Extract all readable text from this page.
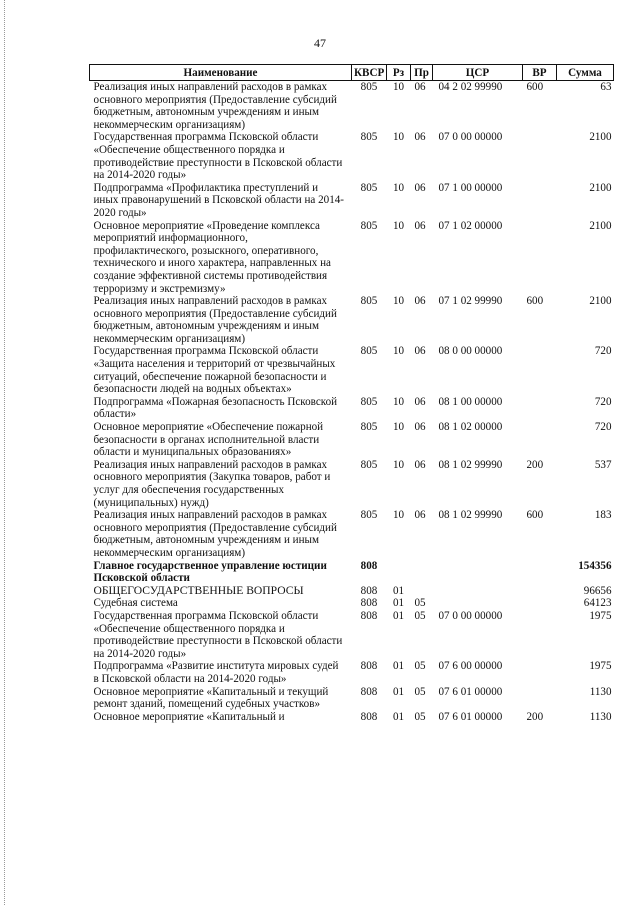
47
Наименование	КВСР	Рз	Пр	ЦСР	ВР	Сумма
Реализация иных направлений расходов в рамках основного мероприятия (Предоставление субсидий бюджетным, автономным учреждениям и иным некоммерческим организациям)	805	10	06	04 2 02 99990	600	63
Государственная программа Псковской области «Обеспечение общественного порядка и противодействие преступности в Псковской области на 2014-2020 годы»	805	10	06	07 0 00 00000		2100
Подпрограмма «Профилактика преступлений и иных правонарушений в Псковской области на 2014-2020 годы»	805	10	06	07 1 00 00000		2100
Основное мероприятие «Проведение комплекса мероприятий информационного, профилактического, розыскного, оперативного, технического и иного характера, направленных на создание эффективной системы противодействия терроризму и экстремизму»	805	10	06	07 1 02 00000		2100
Реализация иных направлений расходов в рамках основного мероприятия (Предоставление субсидий бюджетным, автономным учреждениям и иным некоммерческим организациям)	805	10	06	07 1 02 99990	600	2100
Государственная программа Псковской области «Защита населения и территорий от чрезвычайных ситуаций, обеспечение пожарной безопасности и безопасности людей на водных объектах»	805	10	06	08 0 00 00000		720
Подпрограмма «Пожарная безопасность Псковской области»	805	10	06	08 1 00 00000		720
Основное мероприятие «Обеспечение пожарной безопасности в органах исполнительной власти области и муниципальных образованиях»	805	10	06	08 1 02 00000		720
Реализация иных направлений расходов в рамках основного мероприятия (Закупка товаров, работ и услуг для обеспечения государственных (муниципальных) нужд)	805	10	06	08 1 02 99990	200	537
Реализация иных направлений расходов в рамках основного мероприятия (Предоставление субсидий бюджетным, автономным учреждениям и иным некоммерческим организациям)	805	10	06	08 1 02 99990	600	183
Главное государственное управление юстиции Псковской области	808					154356
ОБЩЕГОСУДАРСТВЕННЫЕ ВОПРОСЫ	808	01				96656
Судебная система	808	01	05			64123
Государственная программа Псковской области «Обеспечение общественного порядка и противодействие преступности в Псковской области на 2014-2020 годы»	808	01	05	07 0 00 00000		1975
Подпрограмма «Развитие института мировых судей в Псковской области на 2014-2020 годы»	808	01	05	07 6 00 00000		1975
Основное мероприятие «Капитальный и текущий ремонт зданий, помещений судебных участков»	808	01	05	07 6 01 00000		1130
Основное мероприятие «Капитальный и	808	01	05	07 6 01 00000	200	1130
